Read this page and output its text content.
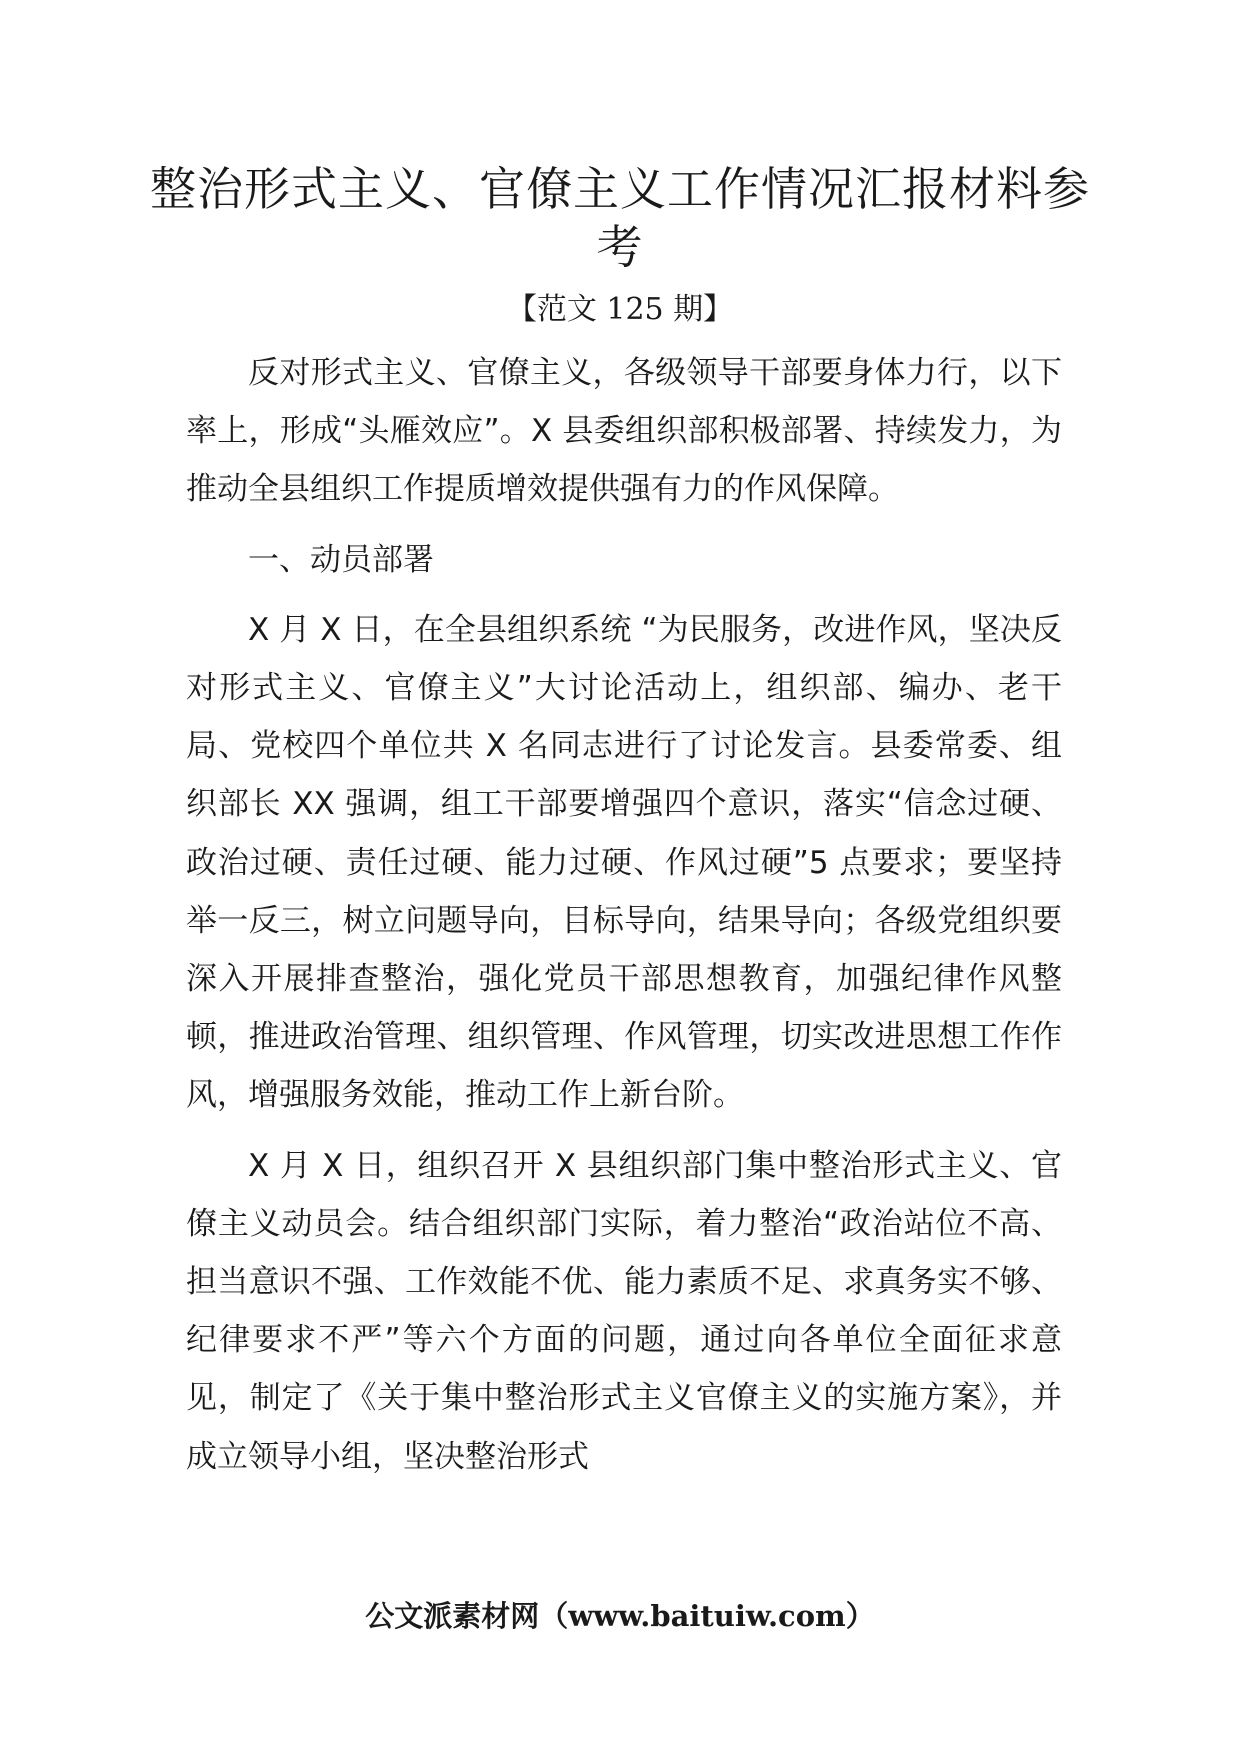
整治形式主义、官僚主义工作情况汇报材料参考
【范文 125 期】

反对形式主义、官僚主义，各级领导干部要身体力行，以下率上，形成“头雁效应”。X 县委组织部积极部署、持续发力，为推动全县组织工作提质增效提供强有力的作风保障。

一、动员部署

X 月 X 日，在全县组织系统 “为民服务，改进作风，坚决反对形式主义、官僚主义”大讨论活动上，组织部、编办、老干局、党校四个单位共 X 名同志进行了讨论发言。县委常委、组织部长 XX 强调，组工干部要增强四个意识，落实“信念过硬、政治过硬、责任过硬、能力过硬、作风过硬”5 点要求；要坚持举一反三，树立问题导向，目标导向，结果导向；各级党组织要深入开展排查整治，强化党员干部思想教育，加强纪律作风整顿，推进政治管理、组织管理、作风管理，切实改进思想工作作风，增强服务效能，推动工作上新台阶。

X 月 X 日，组织召开 X 县组织部门集中整治形式主义、官僚主义动员会。结合组织部门实际，着力整治“政治站位不高、担当意识不强、工作效能不优、能力素质不足、求真务实不够、纪律要求不严”等六个方面的问题，通过向各单位全面征求意见，制定了《关于集中整治形式主义官僚主义的实施方案》，并成立领导小组，坚决整治形式

公文派素材网（www.baituiw.com）
